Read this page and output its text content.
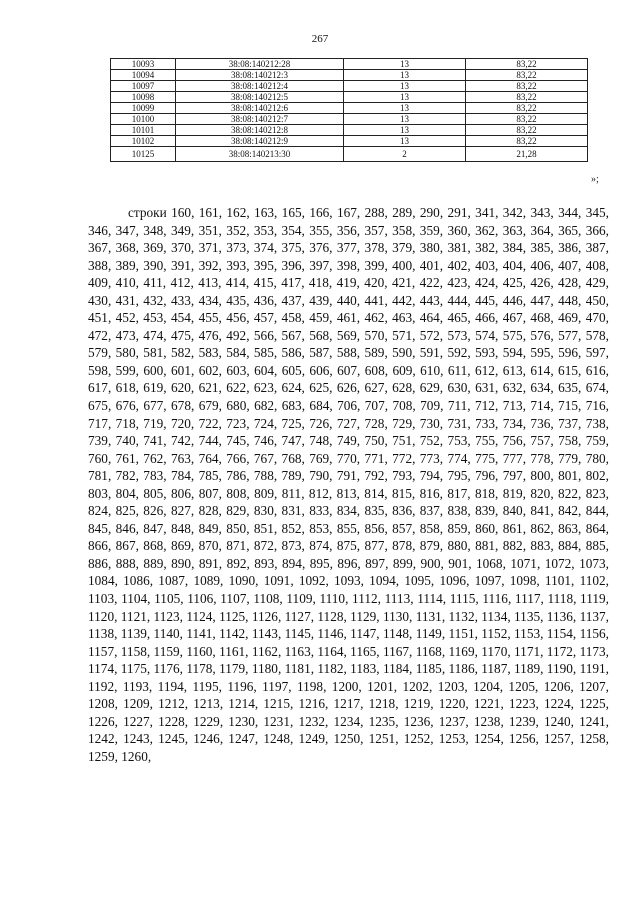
267
10093	38:08:140212:28	13	83,22
10094	38:08:140212:3	13	83,22
10097	38:08:140212:4	13	83,22
10098	38:08:140212:5	13	83,22
10099	38:08:140212:6	13	83,22
10100	38:08:140212:7	13	83,22
10101	38:08:140212:8	13	83,22
10102	38:08:140212:9	13	83,22
10125	38:08:140213:30	2	21,28
»;

строки 160, 161, 162, 163, 165, 166, 167, 288, 289, 290, 291, 341, 342, 343, 344, 345, 346, 347, 348, 349, 351, 352, 353, 354, 355, 356, 357, 358, 359, 360, 362, 363, 364, 365, 366, 367, 368, 369, 370, 371, 373, 374, 375, 376, 377, 378, 379, 380, 381, 382, 384, 385, 386, 387, 388, 389, 390, 391, 392, 393, 395, 396, 397, 398, 399, 400, 401, 402, 403, 404, 406, 407, 408, 409, 410, 411, 412, 413, 414, 415, 417, 418, 419, 420, 421, 422, 423, 424, 425, 426, 428, 429, 430, 431, 432, 433, 434, 435, 436, 437, 439, 440, 441, 442, 443, 444, 445, 446, 447, 448, 450, 451, 452, 453, 454, 455, 456, 457, 458, 459, 461, 462, 463, 464, 465, 466, 467, 468, 469, 470, 472, 473, 474, 475, 476, 492, 566, 567, 568, 569, 570, 571, 572, 573, 574, 575, 576, 577, 578, 579, 580, 581, 582, 583, 584, 585, 586, 587, 588, 589, 590, 591, 592, 593, 594, 595, 596, 597, 598, 599, 600, 601, 602, 603, 604, 605, 606, 607, 608, 609, 610, 611, 612, 613, 614, 615, 616, 617, 618, 619, 620, 621, 622, 623, 624, 625, 626, 627, 628, 629, 630, 631, 632, 634, 635, 674, 675, 676, 677, 678, 679, 680, 682, 683, 684, 706, 707, 708, 709, 711, 712, 713, 714, 715, 716, 717, 718, 719, 720, 722, 723, 724, 725, 726, 727, 728, 729, 730, 731, 733, 734, 736, 737, 738, 739, 740, 741, 742, 744, 745, 746, 747, 748, 749, 750, 751, 752, 753, 755, 756, 757, 758, 759, 760, 761, 762, 763, 764, 766, 767, 768, 769, 770, 771, 772, 773, 774, 775, 777, 778, 779, 780, 781, 782, 783, 784, 785, 786, 788, 789, 790, 791, 792, 793, 794, 795, 796, 797, 800, 801, 802, 803, 804, 805, 806, 807, 808, 809, 811, 812, 813, 814, 815, 816, 817, 818, 819, 820, 822, 823, 824, 825, 826, 827, 828, 829, 830, 831, 833, 834, 835, 836, 837, 838, 839, 840, 841, 842, 844, 845, 846, 847, 848, 849, 850, 851, 852, 853, 855, 856, 857, 858, 859, 860, 861, 862, 863, 864, 866, 867, 868, 869, 870, 871, 872, 873, 874, 875, 877, 878, 879, 880, 881, 882, 883, 884, 885, 886, 888, 889, 890, 891, 892, 893, 894, 895, 896, 897, 899, 900, 901, 1068, 1071, 1072, 1073, 1084, 1086, 1087, 1089, 1090, 1091, 1092, 1093, 1094, 1095, 1096, 1097, 1098, 1101, 1102, 1103, 1104, 1105, 1106, 1107, 1108, 1109, 1110, 1112, 1113, 1114, 1115, 1116, 1117, 1118, 1119, 1120, 1121, 1123, 1124, 1125, 1126, 1127, 1128, 1129, 1130, 1131, 1132, 1134, 1135, 1136, 1137, 1138, 1139, 1140, 1141, 1142, 1143, 1145, 1146, 1147, 1148, 1149, 1151, 1152, 1153, 1154, 1156, 1157, 1158, 1159, 1160, 1161, 1162, 1163, 1164, 1165, 1167, 1168, 1169, 1170, 1171, 1172, 1173, 1174, 1175, 1176, 1178, 1179, 1180, 1181, 1182, 1183, 1184, 1185, 1186, 1187, 1189, 1190, 1191, 1192, 1193, 1194, 1195, 1196, 1197, 1198, 1200, 1201, 1202, 1203, 1204, 1205, 1206, 1207, 1208, 1209, 1212, 1213, 1214, 1215, 1216, 1217, 1218, 1219, 1220, 1221, 1223, 1224, 1225, 1226, 1227, 1228, 1229, 1230, 1231, 1232, 1234, 1235, 1236, 1237, 1238, 1239, 1240, 1241, 1242, 1243, 1245, 1246, 1247, 1248, 1249, 1250, 1251, 1252, 1253, 1254, 1256, 1257, 1258, 1259, 1260,
